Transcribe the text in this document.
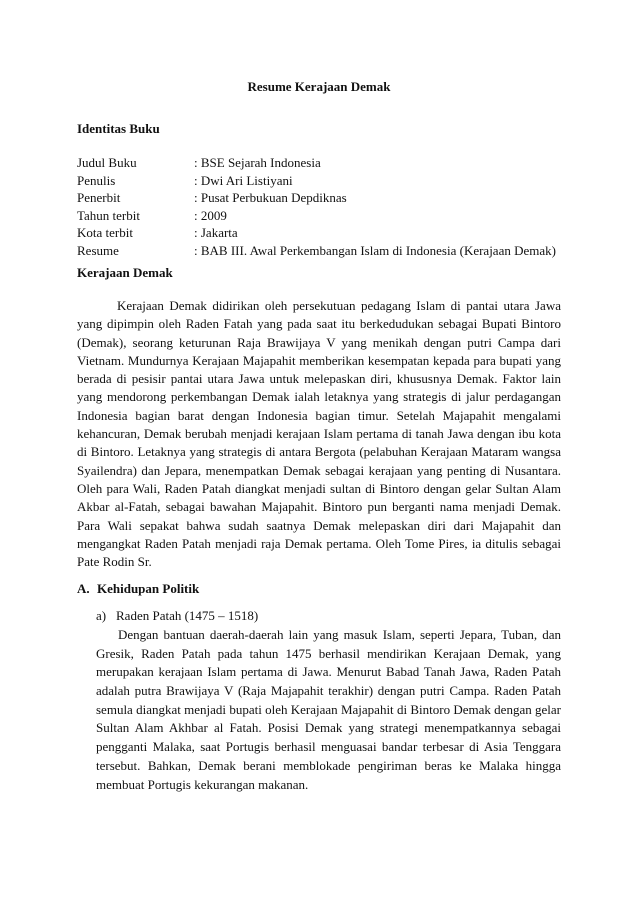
Resume Kerajaan Demak
Identitas Buku
Judul Buku	: BSE Sejarah Indonesia
Penulis	: Dwi Ari Listiyani
Penerbit	: Pusat Perbukuan Depdiknas
Tahun terbit	: 2009
Kota terbit	: Jakarta
Resume	: BAB III. Awal Perkembangan Islam di Indonesia (Kerajaan Demak)
Kerajaan Demak
Kerajaan Demak didirikan oleh persekutuan pedagang Islam di pantai utara Jawa
yang dipimpin oleh Raden Fatah yang pada saat itu berkedudukan sebagai Bupati Bintoro
(Demak), seorang keturunan Raja Brawijaya V yang menikah dengan putri Campa dari
Vietnam. Mundurnya Kerajaan Majapahit memberikan kesempatan kepada para bupati yang
berada di pesisir pantai utara Jawa untuk melepaskan diri, khususnya Demak. Faktor lain
yang mendorong perkembangan Demak ialah letaknya yang strategis di jalur perdagangan
Indonesia bagian barat dengan Indonesia bagian timur. Setelah Majapahit mengalami
kehancuran, Demak berubah menjadi kerajaan Islam pertama di tanah Jawa dengan ibu kota
di Bintoro. Letaknya yang strategis di antara Bergota (pelabuhan Kerajaan Mataram wangsa
Syailendra) dan Jepara, menempatkan Demak sebagai kerajaan yang penting di Nusantara.
Oleh para Wali, Raden Patah diangkat menjadi sultan di Bintoro dengan gelar Sultan Alam
Akbar al-Fatah, sebagai bawahan Majapahit. Bintoro pun berganti nama menjadi Demak.
Para Wali sepakat bahwa sudah saatnya Demak melepaskan diri dari Majapahit dan
mengangkat Raden Patah menjadi raja Demak pertama. Oleh Tome Pires, ia ditulis sebagai
Pate Rodin Sr.
A. Kehidupan Politik
a) Raden Patah (1475 – 1518)
Dengan bantuan daerah-daerah lain yang masuk Islam, seperti Jepara, Tuban, dan
Gresik, Raden Patah pada tahun 1475 berhasil mendirikan Kerajaan Demak, yang
merupakan kerajaan Islam pertama di Jawa. Menurut Babad Tanah Jawa, Raden Patah
adalah putra Brawijaya V (Raja Majapahit terakhir) dengan putri Campa. Raden Patah
semula diangkat menjadi bupati oleh Kerajaan Majapahit di Bintoro Demak dengan gelar
Sultan Alam Akhbar al Fatah. Posisi Demak yang strategi menempatkannya sebagai
pengganti Malaka, saat Portugis berhasil menguasai bandar terbesar di Asia Tenggara
tersebut. Bahkan, Demak berani memblokade pengiriman beras ke Malaka hingga
membuat Portugis kekurangan makanan.
